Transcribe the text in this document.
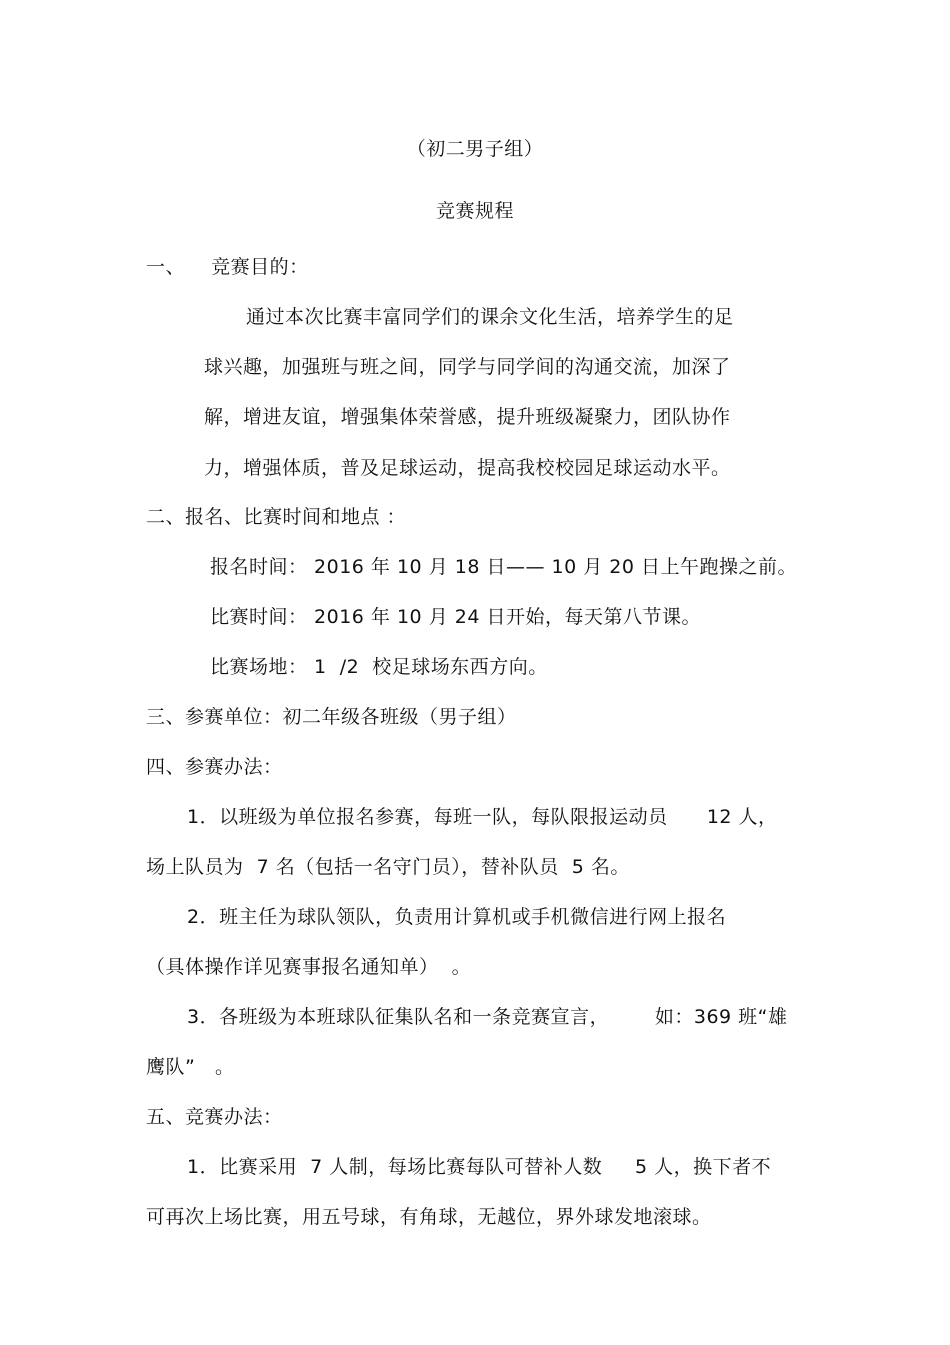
（初二男子组）
竞赛规程
一、    竞赛目的：
通过本次比赛丰富同学们的课余文化生活，培养学生的足
球兴趣，加强班与班之间，同学与同学间的沟通交流，加深了
解，增进友谊，增强集体荣誉感，提升班级凝聚力，团队协作
力，增强体质，普及足球运动，提高我校校园足球运动水平。
二、报名、比赛时间和地点 ：
报名时间： 2016 年 10 月 18 日—— 10 月 20 日上午跑操之前。
比赛时间： 2016 年 10 月 24 日开始，每天第八节课。
比赛场地： 1  /2  校足球场东西方向。
三、参赛单位：初二年级各班级（男子组）
四、参赛办法：
1．以班级为单位报名参赛，每班一队，每队限报运动员      12 人，
场上队员为  7 名（包括一名守门员），替补队员  5 名。
2．班主任为球队领队，负责用计算机或手机微信进行网上报名
（具体操作详见赛事报名通知单）  。
3．各班级为本班球队征集队名和一条竞赛宣言，       如：369 班“雄
鹰队”   。
五、竞赛办法：
1．比赛采用  7 人制，每场比赛每队可替补人数     5 人，换下者不
可再次上场比赛，用五号球，有角球，无越位，界外球发地滚球。
